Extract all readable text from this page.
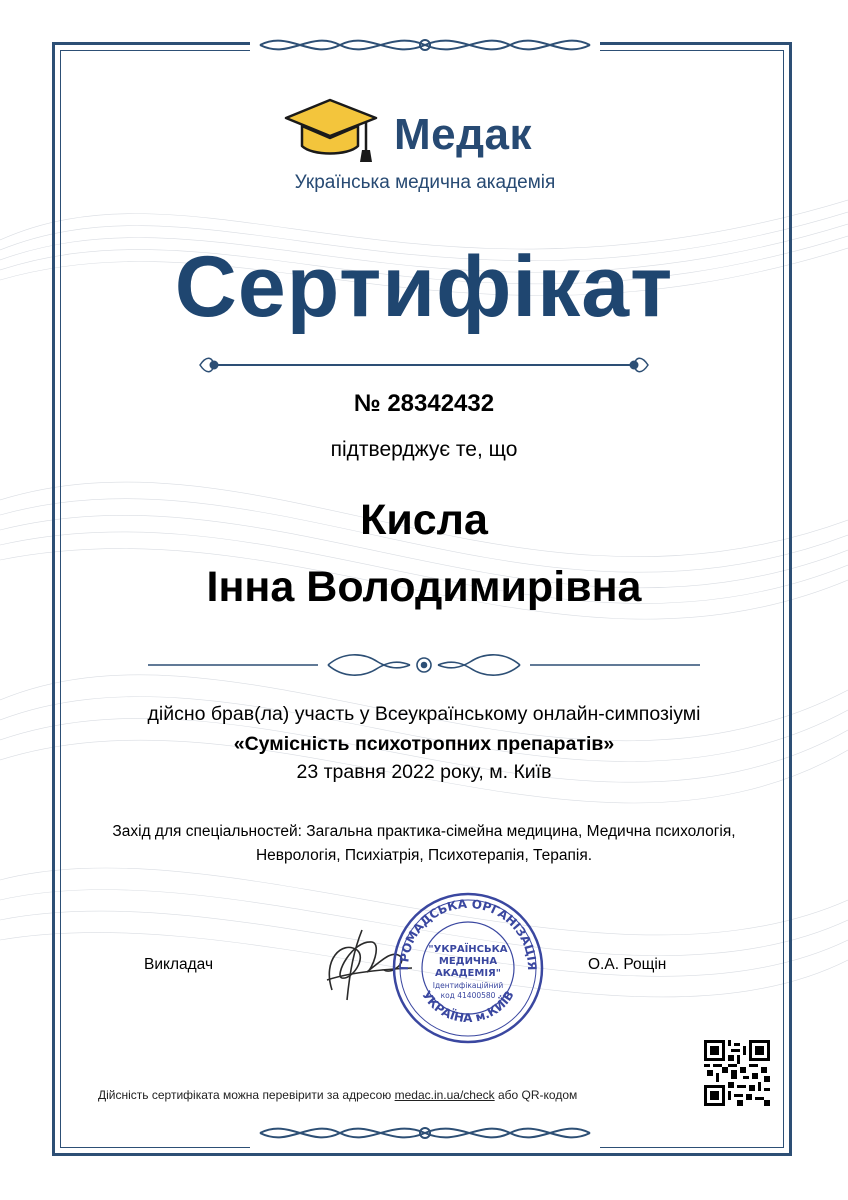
Медак
Українська медична академія
Сертифікат
№ 28342432
підтверджує те, що
Кисла
Інна Володимирівна
дійсно брав(ла) участь у Всеукраїнському онлайн-симпозіумі
«Сумісність психотропних препаратів»
23 травня 2022 року, м. Київ
Захід для спеціальностей: Загальна практика-сімейна медицина, Медична психологія, Неврологія, Психіатрія, Психотерапія, Терапія.
Викладач	ГРОМАДСЬКА ОРГАНІЗАЦІЯ
УКРАЇНА м.КИЇВ
"УКРАЇНСЬКА
МЕДИЧНА
АКАДЕМІЯ"
Ідентифікаційний
код 41400580
О.А. Рощін
Дійсність сертифіката можна перевірити за адресою medac.in.ua/check або QR-кодом
